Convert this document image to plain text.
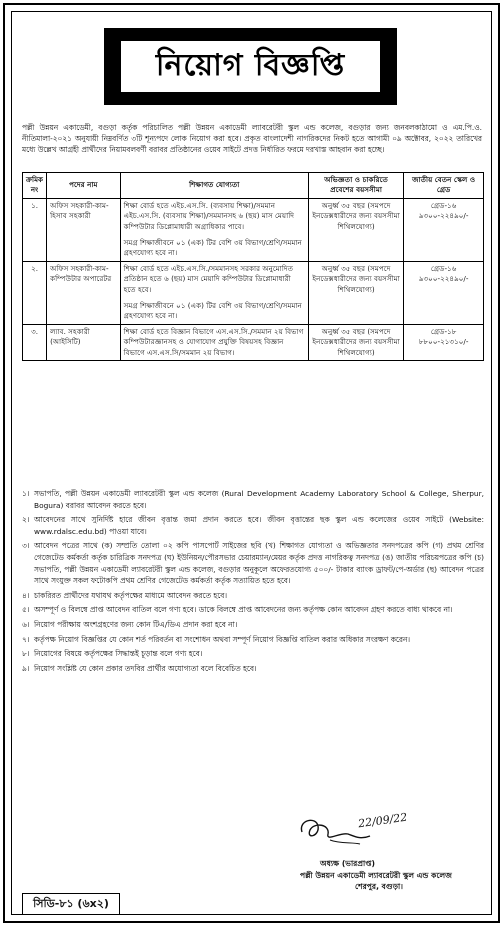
নিয়োগ বিজ্ঞপ্তি

পল্লী উন্নয়ন একাডেমী, বগুড়া কর্তৃক পরিচালিত পল্লী উন্নয়ন একাডেমী ল্যাবরেটরী স্কুল এন্ড কলেজ, বগুড়ার জন্য জনবলকাঠামো ও এম.পি.ও. নীতিমালা-২০২১ অনুযায়ী নিম্নবর্ণিত ৩টি শূন্যপদে লোক নিয়োগ করা হবে। প্রকৃত বাংলাদেশী নাগরিকদের নিকট হতে আগামী ০৯ অক্টোবর, ২০২২ তারিখের মধ্যে উল্লেখ আগ্রহী প্রার্থীদের নিয়ামবলবর্ণী বরাবর প্রতিষ্ঠানের ওয়েব সাইটে প্রদত্ত নির্ধারিত ফরমে দরখাস্ত আহবান করা হচ্ছে।

ক্রমিক নং	পদের নাম	শিক্ষাগত যোগ্যতা	অভিজ্ঞতা ও চাকরিতে প্রবেশের বয়সসীমা	জাতীয় বেতন স্কেল ও গ্রেড
১.	অফিস সহকারী-কাম-হিসাব সহকারী	শিক্ষা বোর্ড হতে এইচ.এস.সি. (ব্যবসায় শিক্ষা)/সমমান এইচ.এস.সি. (ব্যবসায় শিক্ষা)/সমমানসহ ৬ (ছয়) মাস মেয়াদি কম্পিউটার ডিপ্লোমাধারী অগ্রাধিকার পাবে।
সমগ্র শিক্ষাজীবনে ০১ (এক) টির বেশি ৩য় বিভাগ/শ্রেণি/সমমান গ্রহণযোগ্য হবে না।	অনুর্ধ্ব ৩৫ বছর (সমপদে ইনডেক্সধারীদের জন্য বয়সসীমা শিথিলযোগ্য)	গ্রেড-১৬ ৯৩০০-২২৪৯০/-
২.	অফিস সহকারী-কাম-কম্পিউটার অপারেটর	শিক্ষা বোর্ড হতে এইচ.এস.সি./সমমানসহ সরকার অনুমোদিত প্রতিষ্ঠান হতে ৬ (ছয়) মাস মেয়াদি কম্পিউটার ডিপ্লোমাধারী হতে হবে।
সমগ্র শিক্ষাজীবনে ০১ (এক) টির বেশি ৩য় বিভাগ/শ্রেণি/সমমান গ্রহণযোগ্য হবে না।	অনুর্ধ্ব ৩৫ বছর (সমপদে ইনডেক্সধারীদের জন্য বয়সসীমা শিথিলযোগ্য)	গ্রেড-১৬ ৯৩০০-২২৪৯০/-
৩.	ল্যাব. সহকারী (আইসিটি)	শিক্ষা বোর্ড হতে বিজ্ঞান বিভাগে এস.এস.সি./সমমান ২য় বিভাগ কম্পিউটারজ্ঞানসহ ও যোগাযোগ প্রযুক্তি বিষয়সহ বিজ্ঞান বিভাগে এস.এস.সি/সমমান ২য় বিভাগ।	অনুর্ধ্ব ৩৫ বছর (সমপদে ইনডেক্সধারীদের জন্য বয়সসীমা শিথিলযোগ্য)	গ্রেড-১৮ ৮৮০০-২১৩১০/-
১। সভাপতি, পল্লী উন্নয়ন একাডেমী ল্যাবরেটরী স্কুল এন্ড কলেজ (Rural Development Academy Laboratory School & College, Sherpur, Bogura) বরাবর আবেদন করতে হবে।
২। আবেদনের সাথে সুনির্দিষ্ট হারে জীবন বৃত্তান্ত জমা প্রদান করতে হবে। জীবন বৃত্তান্তের ছক স্কুল এন্ড কলেজের ওয়েব সাইটে (Website: www.rdalsc.edu.bd) পাওয়া যাবে।
৩। আবেদন পত্রের সাথে (ক) সম্প্রতি তোলা ০২ কপি পাসপোর্ট সাইজের ছবি (খ) শিক্ষাগত যোগ্যতা ও অভিজ্ঞতার সনদপত্রের কপি (গ) প্রথম শ্রেণির গেজেটেড কর্মকর্তা কর্তৃক চারিত্রিক সনদপত্র (ঘ) ইউনিয়ন/পৌরসভার চেয়ারম্যান/মেয়র কর্তৃক প্রদত্ত নাগরিকত্ব সনদপত্র (ঙ) জাতীয় পরিচয়পত্রের কপি (চ) সভাপতি, পল্লী উন্নয়ন একাডেমী ল্যাবরেটরী স্কুল এন্ড কলেজ, বগুড়ার অনুকূলে অফেরতযোগ্য ৫০০/- টাকার ব্যাংক ড্রাফট/পে-অর্ডার (ছ) আবেদন পত্রের সাথে সংযুক্ত সকল ফটোকপি প্রথম শ্রেণির গেজেটেড কর্মকর্তা কর্তৃক সত্যায়িত হতে হবে।
৪। চাকরিরত প্রার্থীদের যথাযথ কর্তৃপক্ষের মাধ্যমে আবেদন করতে হবে।
৫। অসম্পূর্ণ ও বিলম্বে প্রাপ্ত আবেদন বাতিল বলে গণ্য হবে। ডাকে বিলম্বে প্রাপ্ত আবেদনের জন্য কর্তৃপক্ষ কোন আবেদন গ্রহণ করতে বাধ্য থাকবে না।
৬। নিয়োগ পরীক্ষায় অংশগ্রহণের জন্য কোন টিএ/ডিএ প্রদান করা হবে না।
৭। কর্তৃপক্ষ নিয়োগ বিজ্ঞপ্তির যে কোন শর্ত পরিবর্তন বা সংশোধন অথবা সম্পূর্ণ নিয়োগ বিজ্ঞপ্তি বাতিল করার অধিকার সংরক্ষণ করেন।
৮। নিয়োগের বিষয়ে কর্তৃপক্ষের সিদ্ধান্তই চূড়ান্ত বলে গণ্য হবে।
৯। নিয়োগ সংশ্লিষ্ট যে কোন প্রকার তদবির প্রার্থীর অযোগ্যতা বলে বিবেচিত হবে।
22/09/22
অধ্যক্ষ (ভারপ্রাপ্ত)
পল্লী উন্নয়ন একাডেমী ল্যাবরেটরী স্কুল এন্ড কলেজ
শেরপুর, বগুড়া।
সিডি-৮১ (৬x২)
